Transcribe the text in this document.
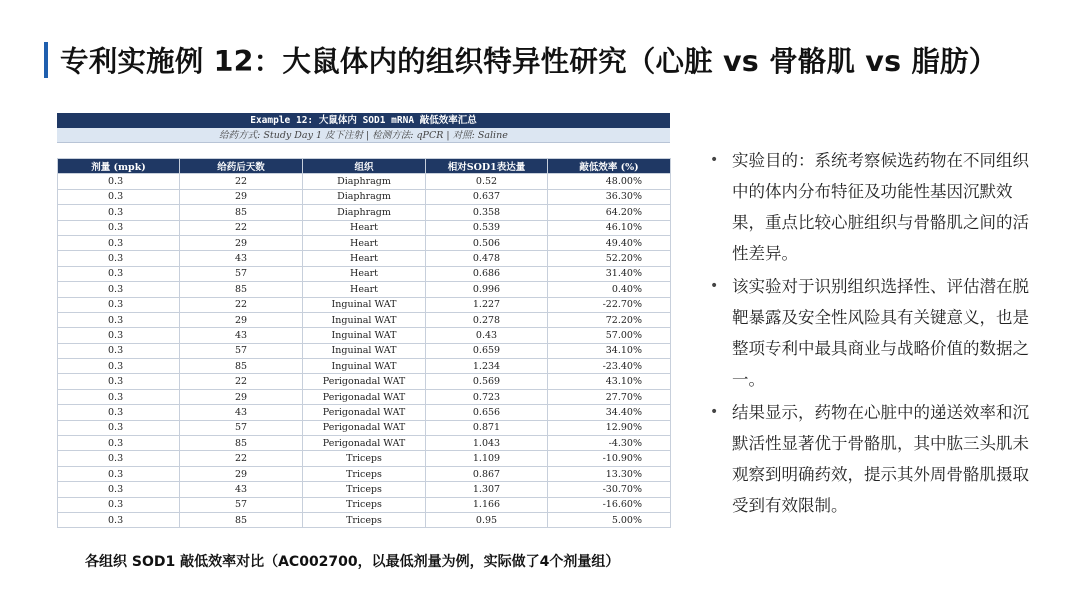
专利实施例 12：大鼠体内的组织特异性研究（心脏 vs 骨骼肌 vs 脂肪）
Example 12: 大鼠体内 SOD1 mRNA 敲低效率汇总
给药方式: Study Day 1 皮下注射 | 检测方法: qPCR | 对照: Saline
剂量 (mpk)	给药后天数	组织	相对SOD1表达量	敲低效率 (%)
0.3	22	Diaphragm	0.52	48.00%
0.3	29	Diaphragm	0.637	36.30%
0.3	85	Diaphragm	0.358	64.20%
0.3	22	Heart	0.539	46.10%
0.3	29	Heart	0.506	49.40%
0.3	43	Heart	0.478	52.20%
0.3	57	Heart	0.686	31.40%
0.3	85	Heart	0.996	0.40%
0.3	22	Inguinal WAT	1.227	-22.70%
0.3	29	Inguinal WAT	0.278	72.20%
0.3	43	Inguinal WAT	0.43	57.00%
0.3	57	Inguinal WAT	0.659	34.10%
0.3	85	Inguinal WAT	1.234	-23.40%
0.3	22	Perigonadal WAT	0.569	43.10%
0.3	29	Perigonadal WAT	0.723	27.70%
0.3	43	Perigonadal WAT	0.656	34.40%
0.3	57	Perigonadal WAT	0.871	12.90%
0.3	85	Perigonadal WAT	1.043	-4.30%
0.3	22	Triceps	1.109	-10.90%
0.3	29	Triceps	0.867	13.30%
0.3	43	Triceps	1.307	-30.70%
0.3	57	Triceps	1.166	-16.60%
0.3	85	Triceps	0.95	5.00%
各组织 SOD1 敲低效率对比（AC002700，以最低剂量为例，实际做了4个剂量组）
• 实验目的：系统考察候选药物在不同组织中的体内分布特征及功能性基因沉默效果，重点比较心脏组织与骨骼肌之间的活性差异。
• 该实验对于识别组织选择性、评估潜在脱靶暴露及安全性风险具有关键意义，也是整项专利中最具商业与战略价值的数据之一。
• 结果显示，药物在心脏中的递送效率和沉默活性显著优于骨骼肌，其中肱三头肌未观察到明确药效，提示其外周骨骼肌摄取受到有效限制。
